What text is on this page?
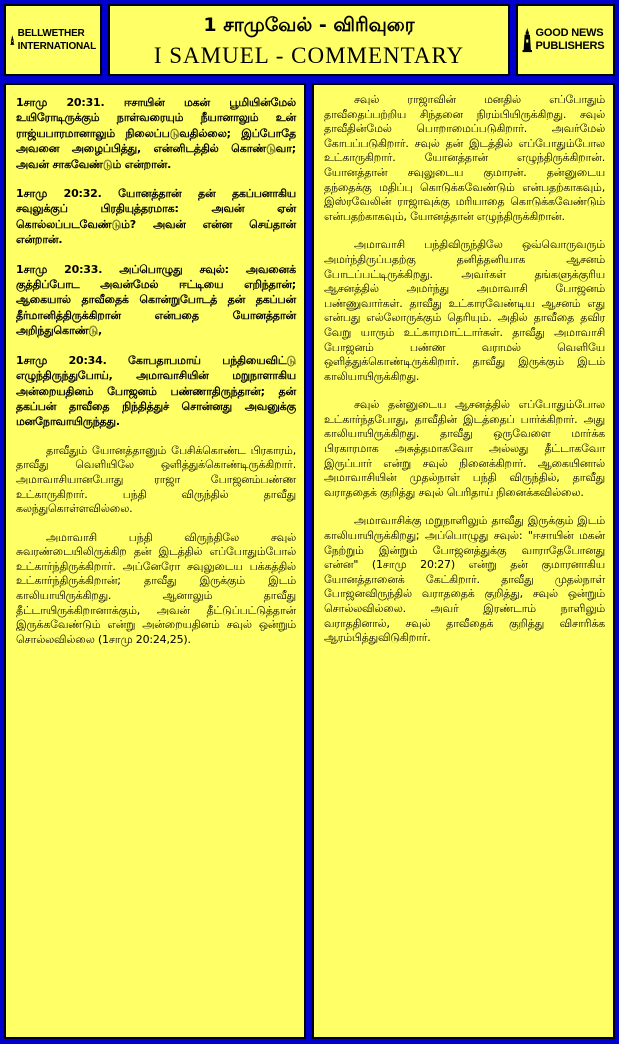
BELLWETHER INTERNATIONAL
1 சாமுவேல் - விரிவுரை
I SAMUEL - COMMENTARY
GOOD NEWS PUBLISHERS

1சாமு 20:31. ஈசாயின் மகன் பூமியின்மேல் உயிரோடிருக்கும் நாள்வரையும் நீயானாலும் உன் ராஜ்யபாரமானாலும் நிலைப்படுவதில்லை; இப்போதே அவனை அழைப்பித்து, என்னிடத்தில் கொண்டுவா; அவன் சாகவேண்டும் என்றான்.

1சாமு 20:32. யோனத்தான் தன் தகப்பனாகிய சவுலுக்குப் பிரதியுத்தரமாக: அவன் ஏன் கொல்லப்படவேண்டும்? அவன் என்ன செய்தான் என்றான்.

1சாமு 20:33. அப்பொழுது சவுல்: அவனைக் குத்திப்போட அவன்மேல் ஈட்டியை எறிந்தான்; ஆகையால் தாவீதைக் கொன்றுபோடத் தன் தகப்பன் தீர்மானித்திருக்கிறான் என்பதை யோனத்தான் அறிந்துகொண்டு,

1சாமு 20:34. கோபதாபமாய் பந்தியைவிட்டு எழுந்திருந்துபோய், அமாவாசியின் மறுநாளாகிய அன்றையதினம் போஜனம் பண்ணாதிருந்தான்; தன் தகப்பன் தாவீதை நிந்தித்துச் சொன்னது அவனுக்கு மனநோவாயிருந்தது.

தாவீதும் யோனத்தானும் பேசிக்கொண்ட பிரகாரம், தாவீது வெளியிலே ஒளித்துக்கொண்டிருக்கிறார். அமாவாசியானபோது ராஜா போஜனம்பண்ண உட்காருகிறார். பந்தி விருந்தில் தாவீது கலந்துகொள்ளவில்லை.

அமாவாசி பந்தி விருந்திலே சவுல் சுவரண்டையிலிருக்கிற தன் இடத்தில் எப்போதும்போல் உட்கார்ந்திருக்கிறார். அப்னேரோ சவுலுடைய பக்கத்தில் உட்கார்ந்திருக்கிறான்; தாவீது இருக்கும் இடம் காலியாயிருக்கிறது. ஆனாலும் தாவீது தீட்டாயிருக்கிறானாக்கும், அவன் தீட்டுப்பட்டுத்தான் இருக்கவேண்டும் என்று அன்றையதினம் சவுல் ஒன்றும் சொல்லவில்லை (1சாமு 20:24,25).

சவுல் ராஜாவின் மனதில் எப்போதும் தாவீதைப்பற்றிய சிந்தனை நிரம்பியிருக்கிறது. சவுல் தாவீதின்மேல் பொறாமைப்படுகிறார். அவர்மேல் கோபப்படுகிறார். சவுல் தன் இடத்தில் எப்போதும்போல உட்காருகிறார். யோனத்தான் எழுந்திருக்கிறான். யோனத்தான் சவுலுடைய குமாரன். தன்னுடைய தந்தைக்கு மதிப்பு கொடுக்கவேண்டும் என்பதற்காகவும், இஸ்ரவேலின் ராஜாவுக்கு மரியாதை கொடுக்கவேண்டும் என்பதற்காகவும், யோனத்தான் எழுந்திருக்கிறான்.

அமாவாசி பந்திவிருந்திலே ஒவ்வொருவரும் அமர்ந்திருப்பதற்கு தனித்தனியாக ஆசனம் போடப்பட்டிருக்கிறது. அவர்கள் தங்களுக்குரிய ஆசனத்தில் அமர்ந்து அமாவாசி போஜனம் பண்ணுவார்கள். தாவீது உட்காரவேண்டிய ஆசனம் எது என்பது எல்லோருக்கும் தெரியும். அதில் தாவீதை தவிர வேறு யாரும் உட்காரமாட்டார்கள். தாவீது அமாவாசி போஜனம் பண்ண வராமல் வெளியே ஒளித்துக்கொண்டிருக்கிறார். தாவீது இருக்கும் இடம் காலியாயிருக்கிறது.

சவுல் தன்னுடைய ஆசனத்தில் எப்போதும்போல உட்கார்ந்தபோது, தாவீதின் இடத்தைப் பார்க்கிறார். அது காலியாயிருக்கிறது. தாவீது ஒருவேளை மார்க்க பிரகாரமாக அசுத்தமாகவோ அல்லது தீட்டாகவோ இருப்பார் என்று சவுல் நினைக்கிறார். ஆகையினால் அமாவாசியின் முதல்நாள் பந்தி விருந்தில், தாவீது வராததைக் குறித்து சவுல் பெரிதாய் நினைக்கவில்லை.

அமாவாசிக்கு மறுநாளிலும் தாவீது இருக்கும் இடம் காலியாயிருக்கிறது; அப்பொழுது சவுல்: "ஈசாயின் மகன் நேற்றும் இன்றும் போஜனத்துக்கு வாராதேபோனது என்ன" (1சாமு 20:27) என்று தன் குமாரனாகிய யோனத்தானைக் கேட்கிறார். தாவீது முதல்நாள் போஜனவிருந்தில் வராததைக் குறித்து, சவுல் ஒன்றும் சொல்லவில்லை. அவர் இரண்டாம் நாளிலும் வராததினால், சவுல் தாவீதைக் குறித்து விசாரிக்க ஆரம்பித்துவிடுகிறார்.
